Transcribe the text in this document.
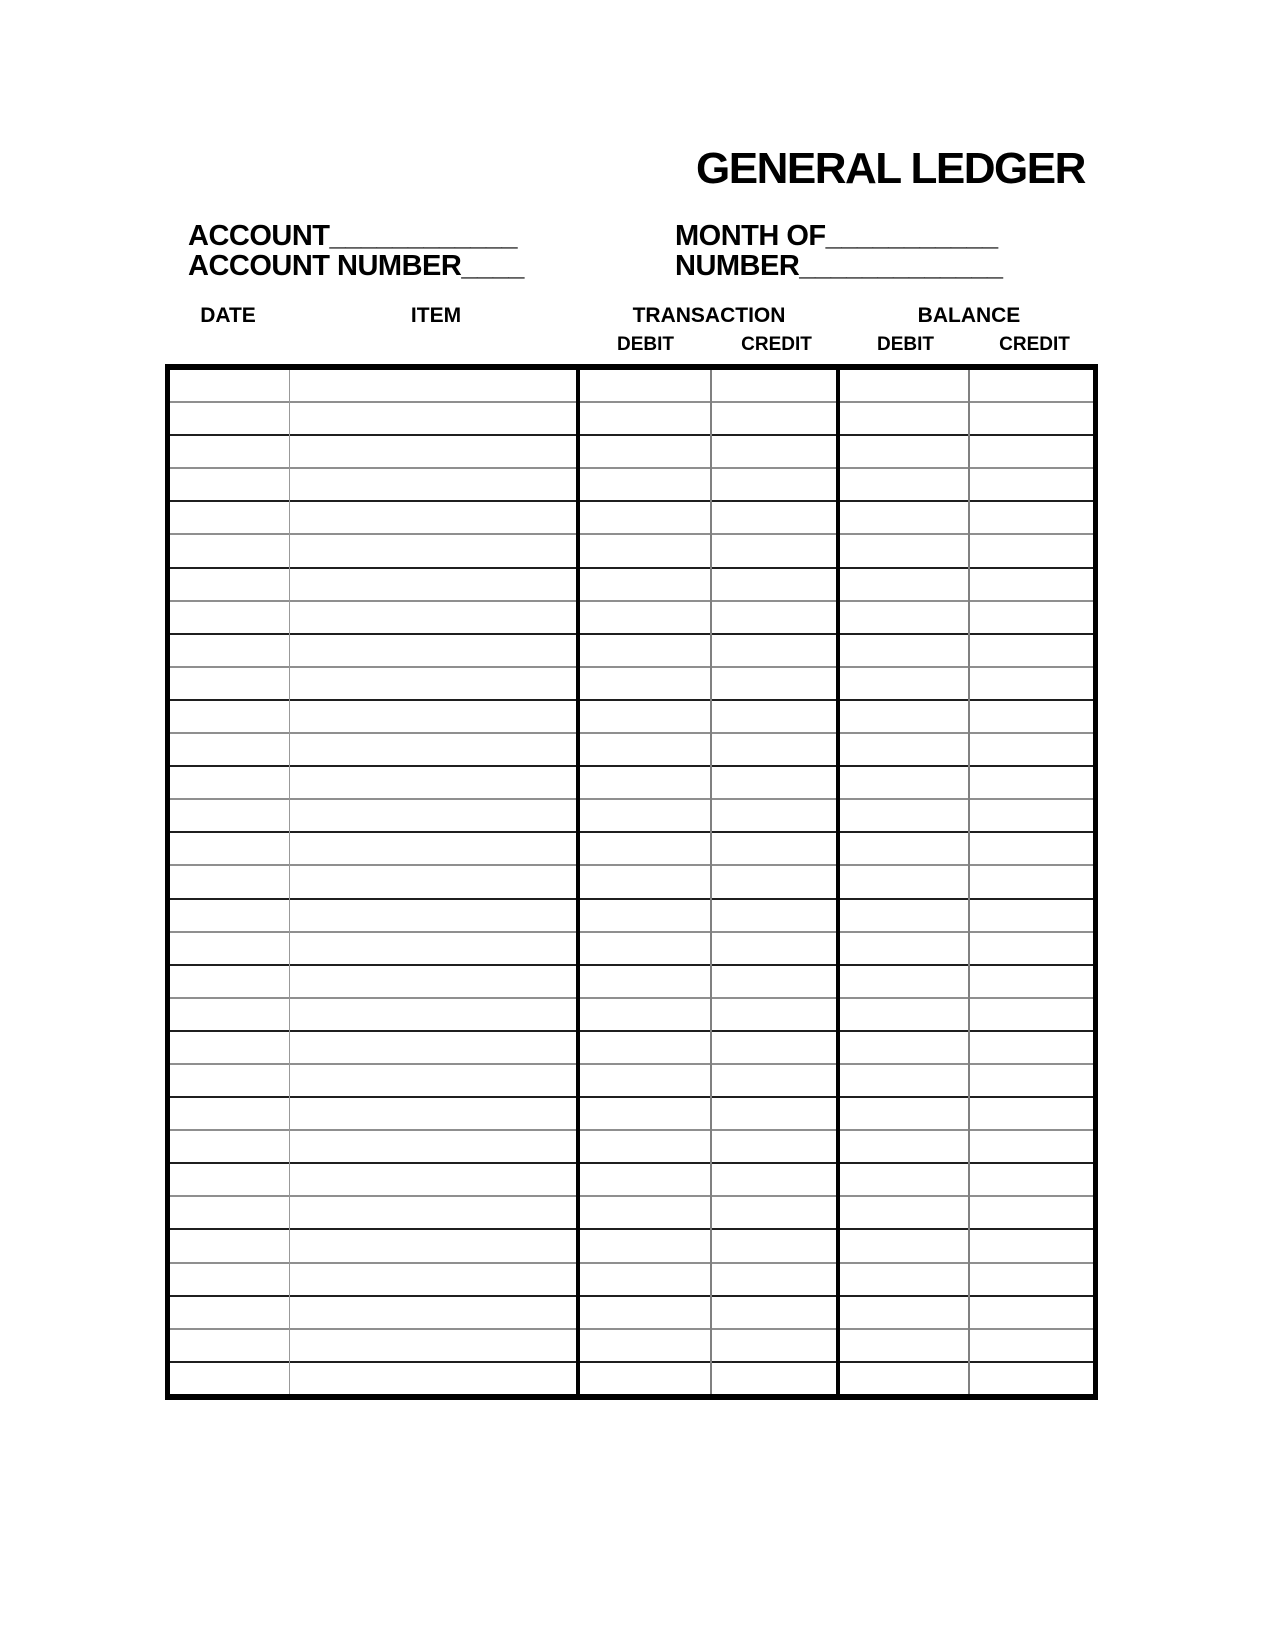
GENERAL LEDGER
ACCOUNT____________
ACCOUNT NUMBER____
MONTH OF___________
NUMBER_____________
DATE	ITEM	TRANSACTION	BALANCE
DEBIT	CREDIT	DEBIT	CREDIT
